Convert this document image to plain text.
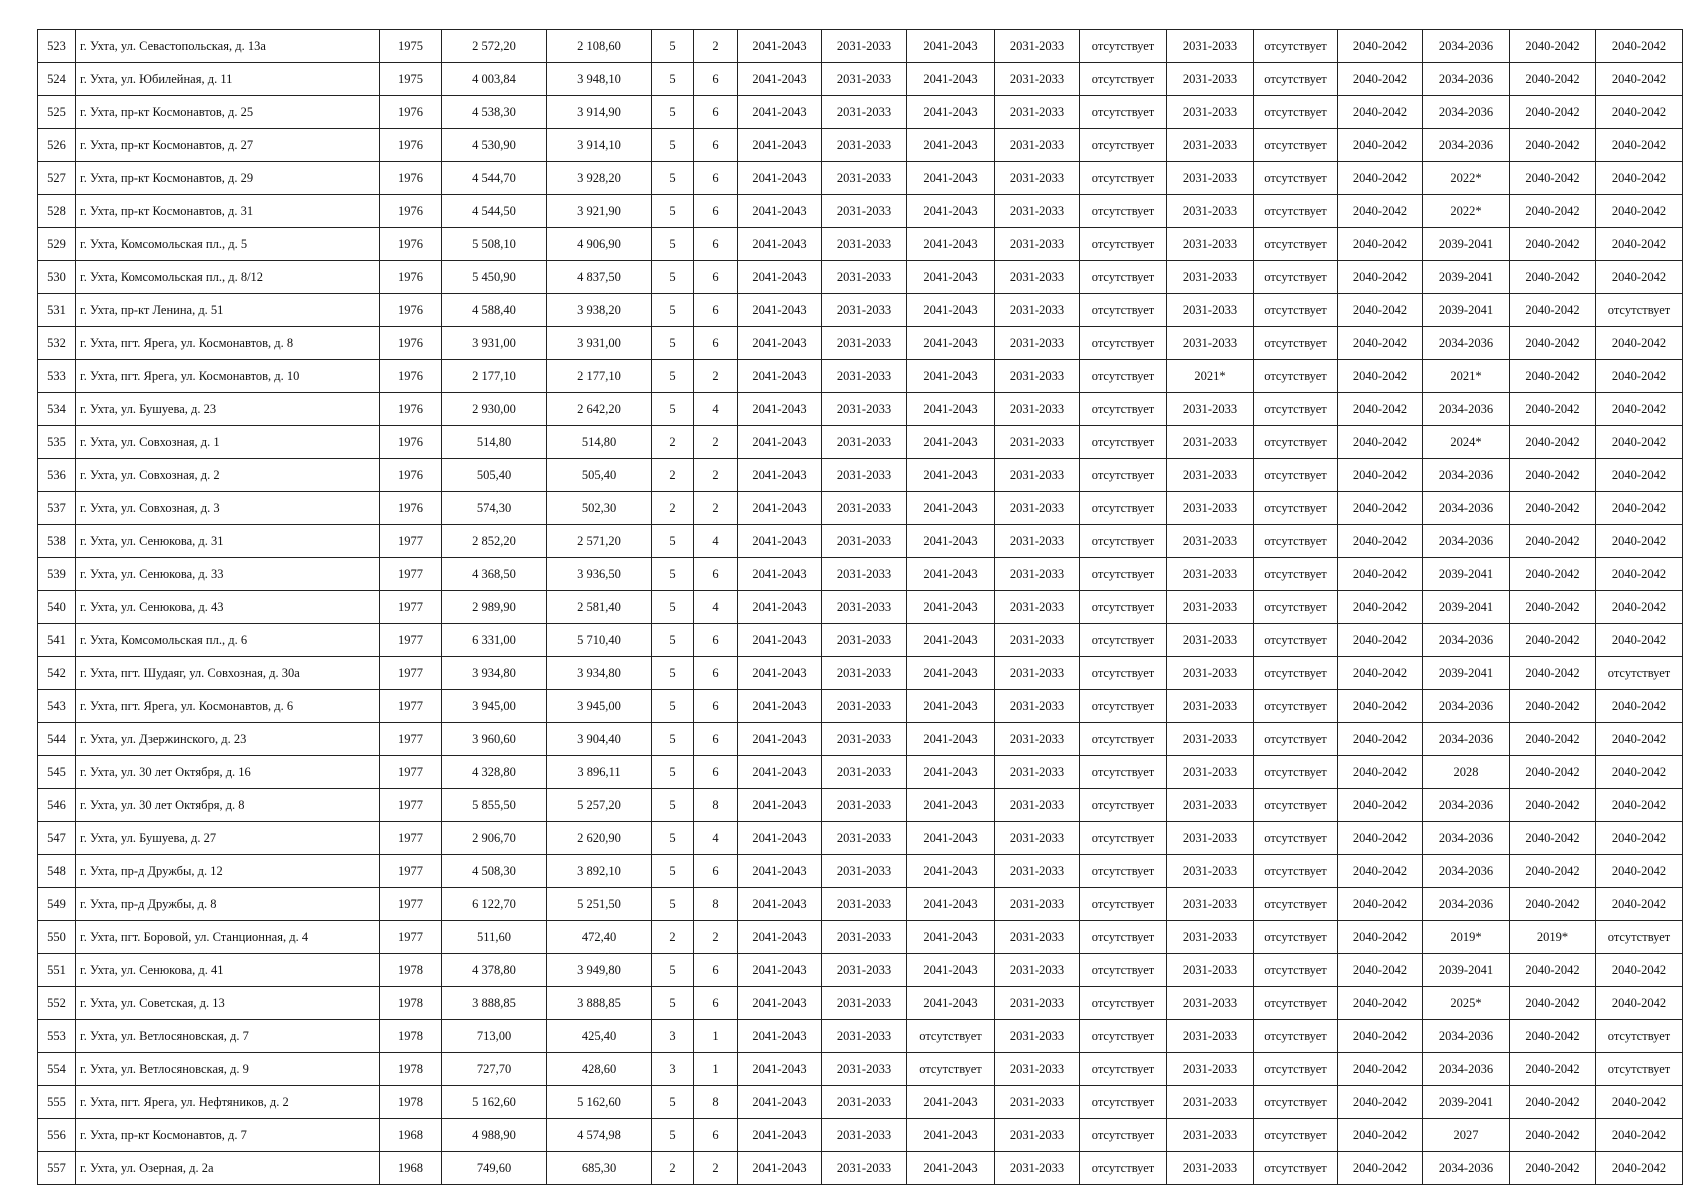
523	г. Ухта, ул. Севастопольская, д. 13а	1975	2 572,20	2 108,60	5	2	2041-2043	2031-2033	2041-2043	2031-2033	отсутствует	2031-2033	отсутствует	2040-2042	2034-2036	2040-2042	2040-2042
524	г. Ухта, ул. Юбилейная, д. 11	1975	4 003,84	3 948,10	5	6	2041-2043	2031-2033	2041-2043	2031-2033	отсутствует	2031-2033	отсутствует	2040-2042	2034-2036	2040-2042	2040-2042
525	г. Ухта, пр-кт Космонавтов, д. 25	1976	4 538,30	3 914,90	5	6	2041-2043	2031-2033	2041-2043	2031-2033	отсутствует	2031-2033	отсутствует	2040-2042	2034-2036	2040-2042	2040-2042
526	г. Ухта, пр-кт Космонавтов, д. 27	1976	4 530,90	3 914,10	5	6	2041-2043	2031-2033	2041-2043	2031-2033	отсутствует	2031-2033	отсутствует	2040-2042	2034-2036	2040-2042	2040-2042
527	г. Ухта, пр-кт Космонавтов, д. 29	1976	4 544,70	3 928,20	5	6	2041-2043	2031-2033	2041-2043	2031-2033	отсутствует	2031-2033	отсутствует	2040-2042	2022*	2040-2042	2040-2042
528	г. Ухта, пр-кт Космонавтов, д. 31	1976	4 544,50	3 921,90	5	6	2041-2043	2031-2033	2041-2043	2031-2033	отсутствует	2031-2033	отсутствует	2040-2042	2022*	2040-2042	2040-2042
529	г. Ухта, Комсомольская пл., д. 5	1976	5 508,10	4 906,90	5	6	2041-2043	2031-2033	2041-2043	2031-2033	отсутствует	2031-2033	отсутствует	2040-2042	2039-2041	2040-2042	2040-2042
530	г. Ухта, Комсомольская пл., д. 8/12	1976	5 450,90	4 837,50	5	6	2041-2043	2031-2033	2041-2043	2031-2033	отсутствует	2031-2033	отсутствует	2040-2042	2039-2041	2040-2042	2040-2042
531	г. Ухта, пр-кт Ленина, д. 51	1976	4 588,40	3 938,20	5	6	2041-2043	2031-2033	2041-2043	2031-2033	отсутствует	2031-2033	отсутствует	2040-2042	2039-2041	2040-2042	отсутствует
532	г. Ухта, пгт. Ярега, ул. Космонавтов, д. 8	1976	3 931,00	3 931,00	5	6	2041-2043	2031-2033	2041-2043	2031-2033	отсутствует	2031-2033	отсутствует	2040-2042	2034-2036	2040-2042	2040-2042
533	г. Ухта, пгт. Ярега, ул. Космонавтов, д. 10	1976	2 177,10	2 177,10	5	2	2041-2043	2031-2033	2041-2043	2031-2033	отсутствует	2021*	отсутствует	2040-2042	2021*	2040-2042	2040-2042
534	г. Ухта, ул. Бушуева, д. 23	1976	2 930,00	2 642,20	5	4	2041-2043	2031-2033	2041-2043	2031-2033	отсутствует	2031-2033	отсутствует	2040-2042	2034-2036	2040-2042	2040-2042
535	г. Ухта, ул. Совхозная, д. 1	1976	514,80	514,80	2	2	2041-2043	2031-2033	2041-2043	2031-2033	отсутствует	2031-2033	отсутствует	2040-2042	2024*	2040-2042	2040-2042
536	г. Ухта, ул. Совхозная, д. 2	1976	505,40	505,40	2	2	2041-2043	2031-2033	2041-2043	2031-2033	отсутствует	2031-2033	отсутствует	2040-2042	2034-2036	2040-2042	2040-2042
537	г. Ухта, ул. Совхозная, д. 3	1976	574,30	502,30	2	2	2041-2043	2031-2033	2041-2043	2031-2033	отсутствует	2031-2033	отсутствует	2040-2042	2034-2036	2040-2042	2040-2042
538	г. Ухта, ул. Сенюкова, д. 31	1977	2 852,20	2 571,20	5	4	2041-2043	2031-2033	2041-2043	2031-2033	отсутствует	2031-2033	отсутствует	2040-2042	2034-2036	2040-2042	2040-2042
539	г. Ухта, ул. Сенюкова, д. 33	1977	4 368,50	3 936,50	5	6	2041-2043	2031-2033	2041-2043	2031-2033	отсутствует	2031-2033	отсутствует	2040-2042	2039-2041	2040-2042	2040-2042
540	г. Ухта, ул. Сенюкова, д. 43	1977	2 989,90	2 581,40	5	4	2041-2043	2031-2033	2041-2043	2031-2033	отсутствует	2031-2033	отсутствует	2040-2042	2039-2041	2040-2042	2040-2042
541	г. Ухта, Комсомольская пл., д. 6	1977	6 331,00	5 710,40	5	6	2041-2043	2031-2033	2041-2043	2031-2033	отсутствует	2031-2033	отсутствует	2040-2042	2034-2036	2040-2042	2040-2042
542	г. Ухта, пгт. Шудаяг, ул. Совхозная, д. 30а	1977	3 934,80	3 934,80	5	6	2041-2043	2031-2033	2041-2043	2031-2033	отсутствует	2031-2033	отсутствует	2040-2042	2039-2041	2040-2042	отсутствует
543	г. Ухта, пгт. Ярега, ул. Космонавтов, д. 6	1977	3 945,00	3 945,00	5	6	2041-2043	2031-2033	2041-2043	2031-2033	отсутствует	2031-2033	отсутствует	2040-2042	2034-2036	2040-2042	2040-2042
544	г. Ухта, ул. Дзержинского, д. 23	1977	3 960,60	3 904,40	5	6	2041-2043	2031-2033	2041-2043	2031-2033	отсутствует	2031-2033	отсутствует	2040-2042	2034-2036	2040-2042	2040-2042
545	г. Ухта, ул. 30 лет Октября, д. 16	1977	4 328,80	3 896,11	5	6	2041-2043	2031-2033	2041-2043	2031-2033	отсутствует	2031-2033	отсутствует	2040-2042	2028	2040-2042	2040-2042
546	г. Ухта, ул. 30 лет Октября, д. 8	1977	5 855,50	5 257,20	5	8	2041-2043	2031-2033	2041-2043	2031-2033	отсутствует	2031-2033	отсутствует	2040-2042	2034-2036	2040-2042	2040-2042
547	г. Ухта, ул. Бушуева, д. 27	1977	2 906,70	2 620,90	5	4	2041-2043	2031-2033	2041-2043	2031-2033	отсутствует	2031-2033	отсутствует	2040-2042	2034-2036	2040-2042	2040-2042
548	г. Ухта, пр-д Дружбы, д. 12	1977	4 508,30	3 892,10	5	6	2041-2043	2031-2033	2041-2043	2031-2033	отсутствует	2031-2033	отсутствует	2040-2042	2034-2036	2040-2042	2040-2042
549	г. Ухта, пр-д Дружбы, д. 8	1977	6 122,70	5 251,50	5	8	2041-2043	2031-2033	2041-2043	2031-2033	отсутствует	2031-2033	отсутствует	2040-2042	2034-2036	2040-2042	2040-2042
550	г. Ухта, пгт. Боровой, ул. Станционная, д. 4	1977	511,60	472,40	2	2	2041-2043	2031-2033	2041-2043	2031-2033	отсутствует	2031-2033	отсутствует	2040-2042	2019*	2019*	отсутствует
551	г. Ухта, ул. Сенюкова, д. 41	1978	4 378,80	3 949,80	5	6	2041-2043	2031-2033	2041-2043	2031-2033	отсутствует	2031-2033	отсутствует	2040-2042	2039-2041	2040-2042	2040-2042
552	г. Ухта, ул. Советская, д. 13	1978	3 888,85	3 888,85	5	6	2041-2043	2031-2033	2041-2043	2031-2033	отсутствует	2031-2033	отсутствует	2040-2042	2025*	2040-2042	2040-2042
553	г. Ухта, ул. Ветлосяновская, д. 7	1978	713,00	425,40	3	1	2041-2043	2031-2033	отсутствует	2031-2033	отсутствует	2031-2033	отсутствует	2040-2042	2034-2036	2040-2042	отсутствует
554	г. Ухта, ул. Ветлосяновская, д. 9	1978	727,70	428,60	3	1	2041-2043	2031-2033	отсутствует	2031-2033	отсутствует	2031-2033	отсутствует	2040-2042	2034-2036	2040-2042	отсутствует
555	г. Ухта, пгт. Ярега, ул. Нефтяников, д. 2	1978	5 162,60	5 162,60	5	8	2041-2043	2031-2033	2041-2043	2031-2033	отсутствует	2031-2033	отсутствует	2040-2042	2039-2041	2040-2042	2040-2042
556	г. Ухта, пр-кт Космонавтов, д. 7	1968	4 988,90	4 574,98	5	6	2041-2043	2031-2033	2041-2043	2031-2033	отсутствует	2031-2033	отсутствует	2040-2042	2027	2040-2042	2040-2042
557	г. Ухта, ул. Озерная, д. 2а	1968	749,60	685,30	2	2	2041-2043	2031-2033	2041-2043	2031-2033	отсутствует	2031-2033	отсутствует	2040-2042	2034-2036	2040-2042	2040-2042
